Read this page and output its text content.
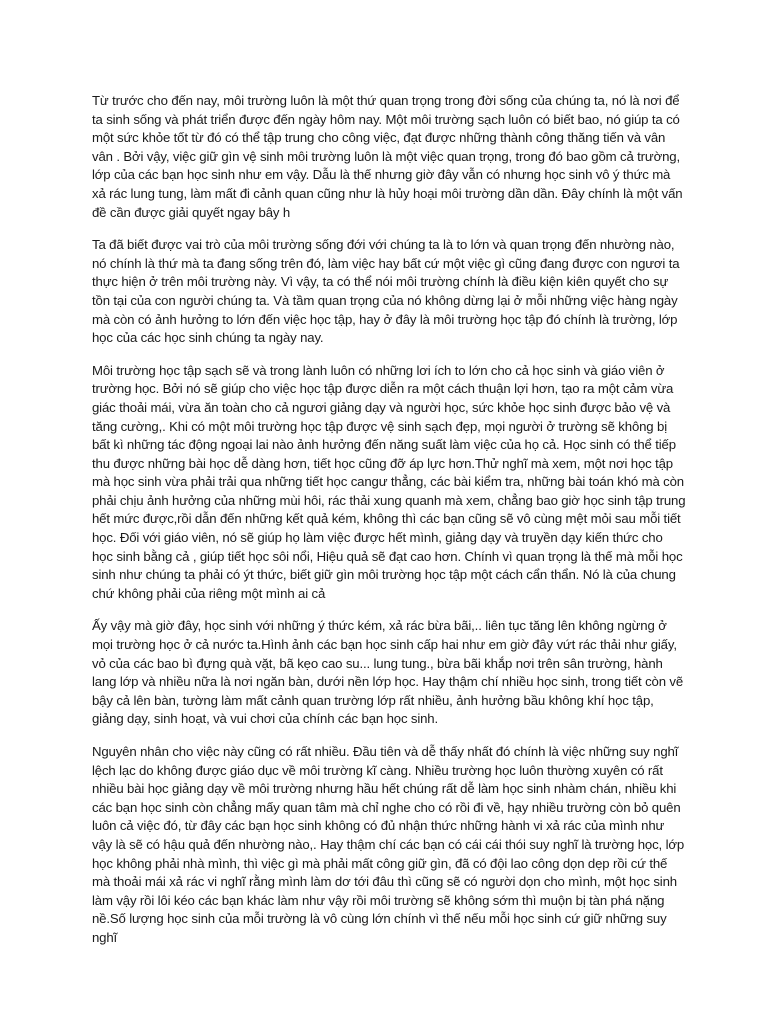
Từ trước cho đến nay, môi trường luôn là một thứ quan trọng trong đời sống của chúng ta, nó là nơi để ta sinh sống và phát triển được đến ngày hôm nay. Một môi trường sạch luôn có biết bao, nó giúp ta có một sức khỏe tốt từ đó có thể tập trung cho công việc, đạt được những thành công thăng tiến và vân vân . Bởi vậy, việc giữ gìn vệ sinh môi trường luôn là một việc quan trọng, trong đó bao gồm cả trường, lớp của các bạn học sinh như em vậy. Dẫu là thế nhưng giờ đây vẫn có nhưng học sinh vô ý thức mà xả rác lung tung, làm mất đi cảnh quan cũng như là hủy hoại môi trường dần dần. Đây chính là một vấn đề cần được giải quyết ngay bây h

Ta đã biết được vai trò của môi trường sống đới với chúng ta là to lớn và quan trọng đến nhường nào, nó chính là thứ mà ta đang sống trên đó, làm việc hay bất cứ một việc gì cũng đang được con ngươi ta thực hiện ở trên môi trường này. Vì vậy, ta có thể nói môi trường chính là điều kiện kiên quyết cho sự tồn tại của con người chúng ta. Và tầm quan trọng của nó không dừng lại ở mỗi những việc hàng ngày mà còn có ảnh hưởng to lớn đến việc học tập, hay ở đây là môi trường học tập đó chính là trường, lớp học của các học sinh chúng ta ngày nay.

Môi trường học tập sạch sẽ và trong lành luôn có những lơi ích to lớn cho cả học sinh và giáo viên ở trường học. Bởi nó sẽ giúp cho việc học tập được diễn ra một cách thuận lợi hơn, tạo ra một cảm vừa giác thoải mái, vừa ăn toàn cho cả ngươi giảng dạy và người học, sức khỏe học sinh được bảo vệ và tăng cường,. Khi có một môi trường học tập được vệ sinh sạch đẹp, mọi người ở trường sẽ không bị bất kì những tác động ngoại lai nào ảnh hưởng đến năng suất làm việc của họ cả. Học sinh có thể tiếp thu được những bài học dễ dàng hơn, tiết học cũng đỡ áp lực hơn.Thử nghĩ mà xem, một nơi học tập mà học sinh vừa phải trải qua những tiết học cangư thẳng, các bài kiểm tra, những bài toán khó mà còn phải chịu ảnh hưởng của những mùi hôi, rác thải xung quanh mà xem, chẳng bao giờ học sinh tập trung hết mức được,rồi dẫn đến những kết quả kém, không thì các bạn cũng sẽ vô cùng mệt mỏi sau mỗi tiết học. Đối với giáo viên, nó sẽ giúp họ làm việc được hết mình, giảng dạy và truyền dạy kiến thức cho học sinh bằng cả , giúp tiết học sôi nổi, Hiệu quả sẽ đạt cao hơn. Chính vì quan trọng là thế mà mỗi học sinh như chúng ta phải có ýt thức, biết giữ gìn môi trường học tập một cách cẩn thẩn. Nó là của chung chứ không phải của riêng một mình ai cả

Ấy vậy mà giờ đây, học sinh với những ý thức kém, xả rác bừa bãi,.. liên tục tăng lên không ngừng ở mọi trường học ở cả nước ta.Hình ảnh các bạn học sinh cấp hai như em giờ đây vứt rác thải như giấy, vỏ của các bao bì đựng quà vặt, bã kẹo cao su... lung tung., bừa bãi khắp nơi trên sân trường, hành lang lớp và nhiều nữa là nơi ngăn bàn, dưới nền lớp học. Hay thậm chí nhiều học sinh, trong tiết còn vẽ bậy cả lên bàn, tường làm mất cảnh quan trường lớp rất nhiều, ảnh hưởng bầu không khí học tập, giảng dạy, sinh hoạt, và vui chơi của chính các bạn học sinh.

Nguyên nhân cho việc này cũng có rất nhiều. Đầu tiên và dễ thấy nhất đó chính là việc những suy nghĩ lệch lạc do không được giáo dục về môi trường kĩ càng. Nhiều trường học luôn thường xuyên có rất nhiều bài học giảng dạy về môi trường nhưng hầu hết chúng rất dễ làm học sinh nhàm chán, nhiều khi các bạn học sinh còn chẳng mấy quan tâm mà chỉ nghe cho có rồi đi về, hạy nhiều trường còn bỏ quên luôn cả việc đó, từ đây các bạn học sinh không có đủ nhận thức những hành vi xả rác của mình như vậy là sẽ có hậu quả đến nhường nào,. Hay thậm chí các bạn có cái cái thói suy nghĩ là trường học, lớp học không phải nhà mình, thì việc gì mà phải mất công giữ gìn, đã có đội lao công dọn dẹp rồi cứ thế mà thoải mái xả rác vi nghĩ rằng mình làm dơ tới đâu thì cũng sẽ có người dọn cho mình, một học sinh làm vậy rồi lôi kéo các bạn khác làm như vậy rồi môi trường sẽ không sớm thì muộn bị tàn phá nặng nề.Số lượng học sinh của mỗi trường là vô cùng lớn chính vì thế nếu mỗi học sinh cứ giữ những suy nghĩ
